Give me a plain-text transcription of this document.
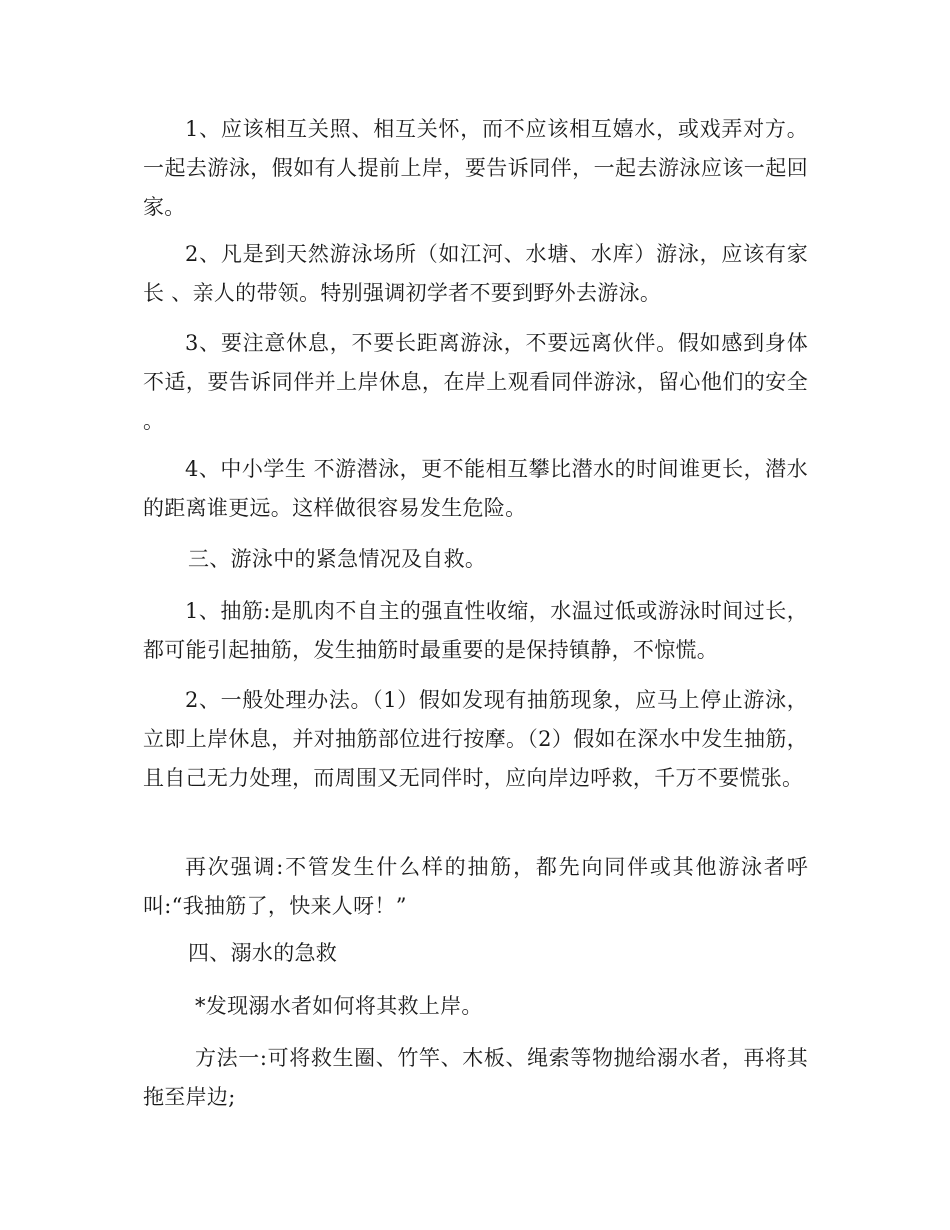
1、应该相互关照、相互关怀，而不应该相互嬉水，或戏弄对方。一起去游泳，假如有人提前上岸，要告诉同伴，一起去游泳应该一起回家。

2、凡是到天然游泳场所（如江河、水塘、水库）游泳，应该有家长 、亲人的带领。特别强调初学者不要到野外去游泳。

3、要注意休息，不要长距离游泳，不要远离伙伴。假如感到身体不适，要告诉同伴并上岸休息，在岸上观看同伴游泳，留心他们的安全 。

4、中小学生 不游潜泳，更不能相互攀比潜水的时间谁更长，潜水的距离谁更远。这样做很容易发生危险。

三、游泳中的紧急情况及自救。

1、抽筋:是肌肉不自主的强直性收缩，水温过低或游泳时间过长，都可能引起抽筋，发生抽筋时最重要的是保持镇静，不惊慌。

2、一般处理办法。（1）假如发现有抽筋现象，应马上停止游泳，立即上岸休息，并对抽筋部位进行按摩。（2）假如在深水中发生抽筋，且自己无力处理，而周围又无同伴时，应向岸边呼救，千万不要慌张。

再次强调:不管发生什么样的抽筋，都先向同伴或其他游泳者呼叫:“我抽筋了，快来人呀！”

四、溺水的急救

*发现溺水者如何将其救上岸。

方法一:可将救生圈、竹竿、木板、绳索等物抛给溺水者，再将其拖至岸边;
